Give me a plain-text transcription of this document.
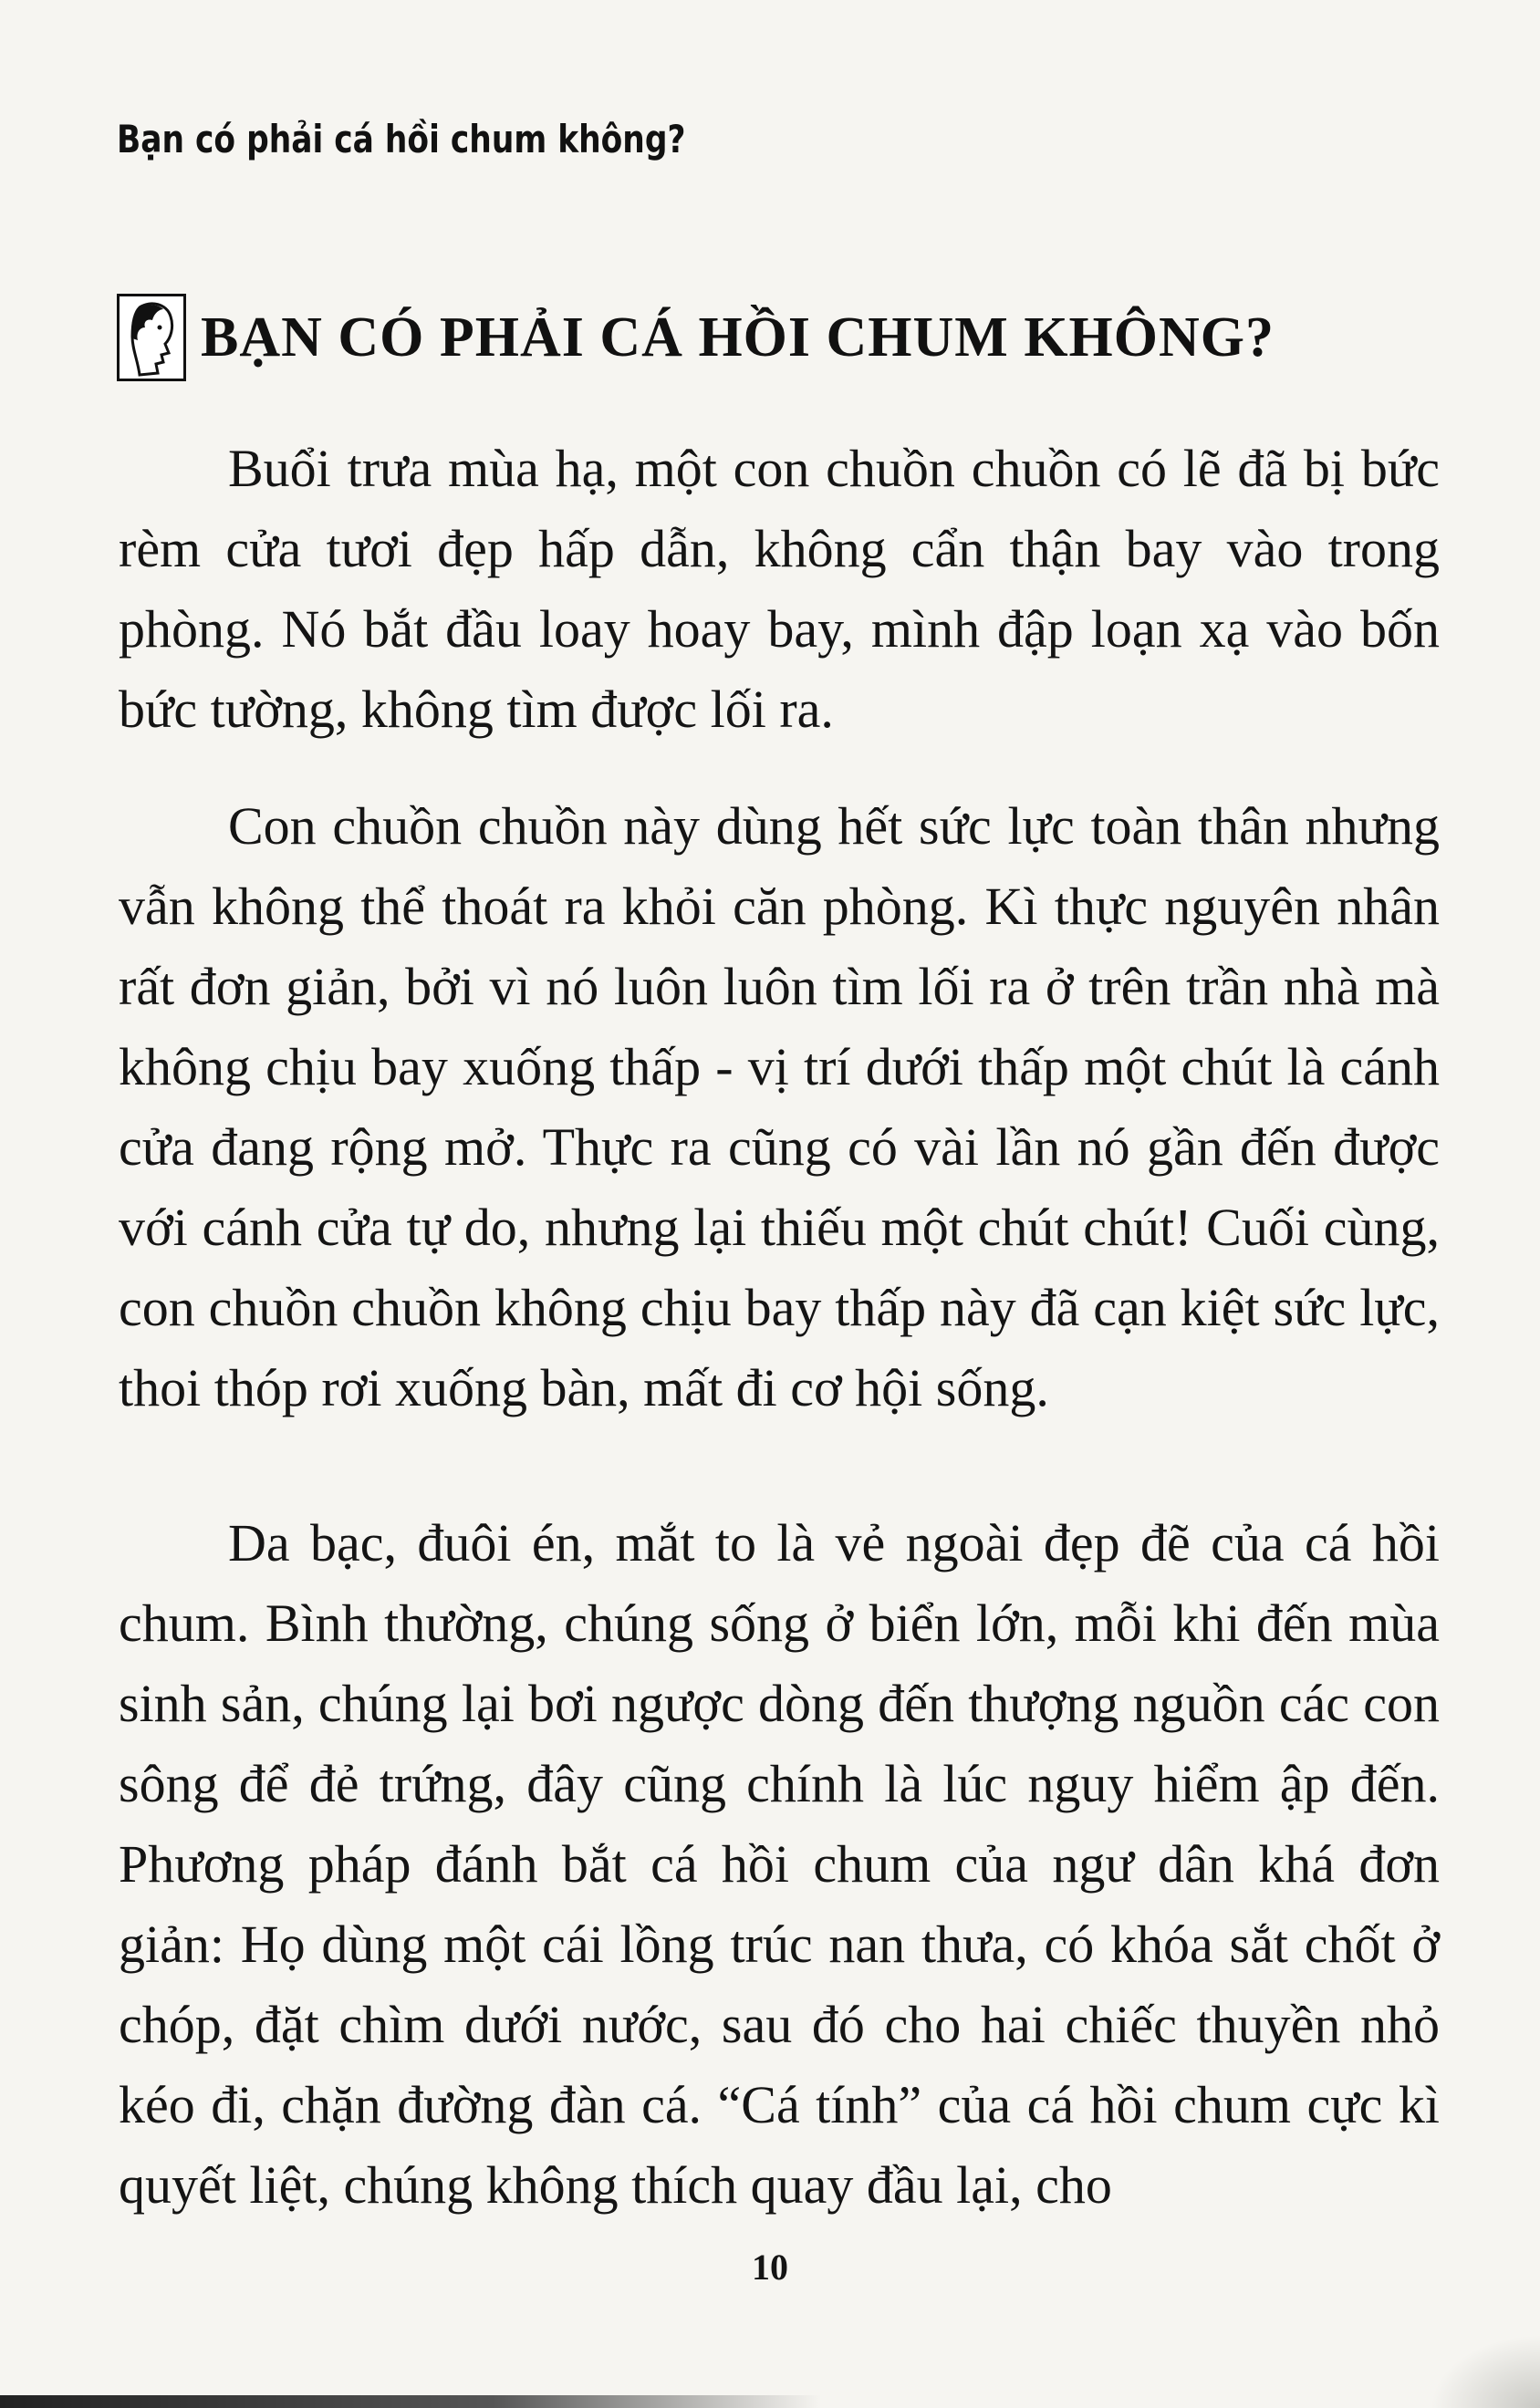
Bạn có phải cá hồi chum không?
BẠN CÓ PHẢI CÁ HỒI CHUM KHÔNG?

Buổi trưa mùa hạ, một con chuồn chuồn có lẽ đã bị bức rèm cửa tươi đẹp hấp dẫn, không cẩn thận bay vào trong phòng. Nó bắt đầu loay hoay bay, mình đập loạn xạ vào bốn bức tường, không tìm được lối ra.

Con chuồn chuồn này dùng hết sức lực toàn thân nhưng vẫn không thể thoát ra khỏi căn phòng. Kì thực nguyên nhân rất đơn giản, bởi vì nó luôn luôn tìm lối ra ở trên trần nhà mà không chịu bay xuống thấp - vị trí dưới thấp một chút là cánh cửa đang rộng mở. Thực ra cũng có vài lần nó gần đến được với cánh cửa tự do, nhưng lại thiếu một chút chút! Cuối cùng, con chuồn chuồn không chịu bay thấp này đã cạn kiệt sức lực, thoi thóp rơi xuống bàn, mất đi cơ hội sống.

Da bạc, đuôi én, mắt to là vẻ ngoài đẹp đẽ của cá hồi chum. Bình thường, chúng sống ở biển lớn, mỗi khi đến mùa sinh sản, chúng lại bơi ngược dòng đến thượng nguồn các con sông để đẻ trứng, đây cũng chính là lúc nguy hiểm ập đến. Phương pháp đánh bắt cá hồi chum của ngư dân khá đơn giản: Họ dùng một cái lồng trúc nan thưa, có khóa sắt chốt ở chóp, đặt chìm dưới nước, sau đó cho hai chiếc thuyền nhỏ kéo đi, chặn đường đàn cá. “Cá tính” của cá hồi chum cực kì quyết liệt, chúng không thích quay đầu lại, cho

10
